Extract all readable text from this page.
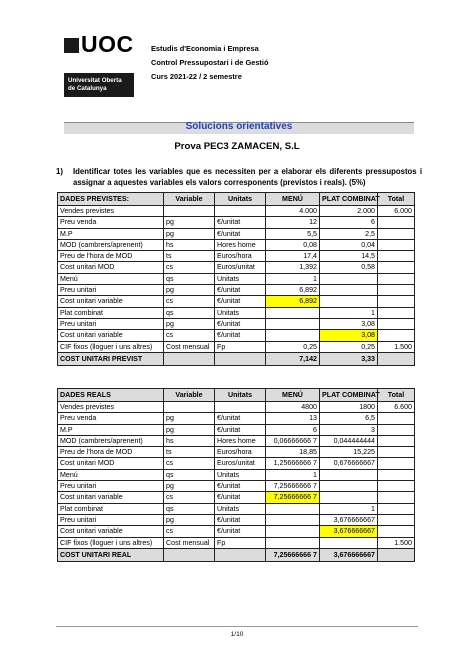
UOC
Universitat Oberta
de Catalunya
Estudis d'Economia i Empresa
Control Pressupostari i de Gestió
Curs 2021-22 / 2 semestre
Solucions orientatives
Prova PEC3 ZAMACEN, S.L
1) Identificar totes les variables que es necessiten per a elaborar els diferents pressupostos i assignar a aquestes variables els valors corresponents (previstos i reals). (5%)
DADES PREVISTES:	Variable	Unitats	MENÚ	PLAT COMBINAT	Total
Vendes previstes			4.000	2.000	6.000
Preu venda	pg	€/unitat	12	6	
M.P	pg	€/unitat	5,5	2,5	
MOD (cambrers/aprenent)	hs	Hores home	0,08	0,04	
Preu de l'hora de MOD	ts	Euros/hora	17,4	14,5	
Cost unitari MOD	cs	Euros/unitat	1,392	0,58	
Menú	qs	Unitats	1		
Preu unitari	pg	€/unitat	6,892		
Cost unitari variable	cs	€/unitat	6,892		
Plat combinat	qs	Unitats		1	
Preu unitari	pg	€/unitat		3,08	
Cost unitari variable	cs	€/unitat		3,08	
CIF fixos (lloguer i uns altres)	Cost mensual	Fp	0,25	0,25	1.500
COST UNITARI PREVIST			7,142	3,33	
DADES REALS	Variable	Unitats	MENÚ	PLAT COMBINAT	Total
Vendes previstes			4800	1800	6.600
Preu venda	pg	€/unitat	13	6,5	
M.P	pg	€/unitat	6	3	
MOD (cambrers/aprenent)	hs	Hores home	0,06666666 7	0,044444444	
Preu de l'hora de MOD	ts	Euros/hora	18,85	15,225	
Cost unitari MOD	cs	Euros/unitat	1,25666666 7	0,676666667	
Menú	qs	Unitats	1		
Preu unitari	pg	€/unitat	7,25666666 7		
Cost unitari variable	cs	€/unitat	7,25666666 7		
Plat combinat	qs	Unitats		1	
Preu unitari	pg	€/unitat		3,676666667	
Cost unitari variable	cs	€/unitat		3,676666667	
CIF fixos (lloguer i uns altres)	Cost mensual	Fp			1.500
COST UNITARI REAL			7,25666666 7	3,676666667	
1/10
